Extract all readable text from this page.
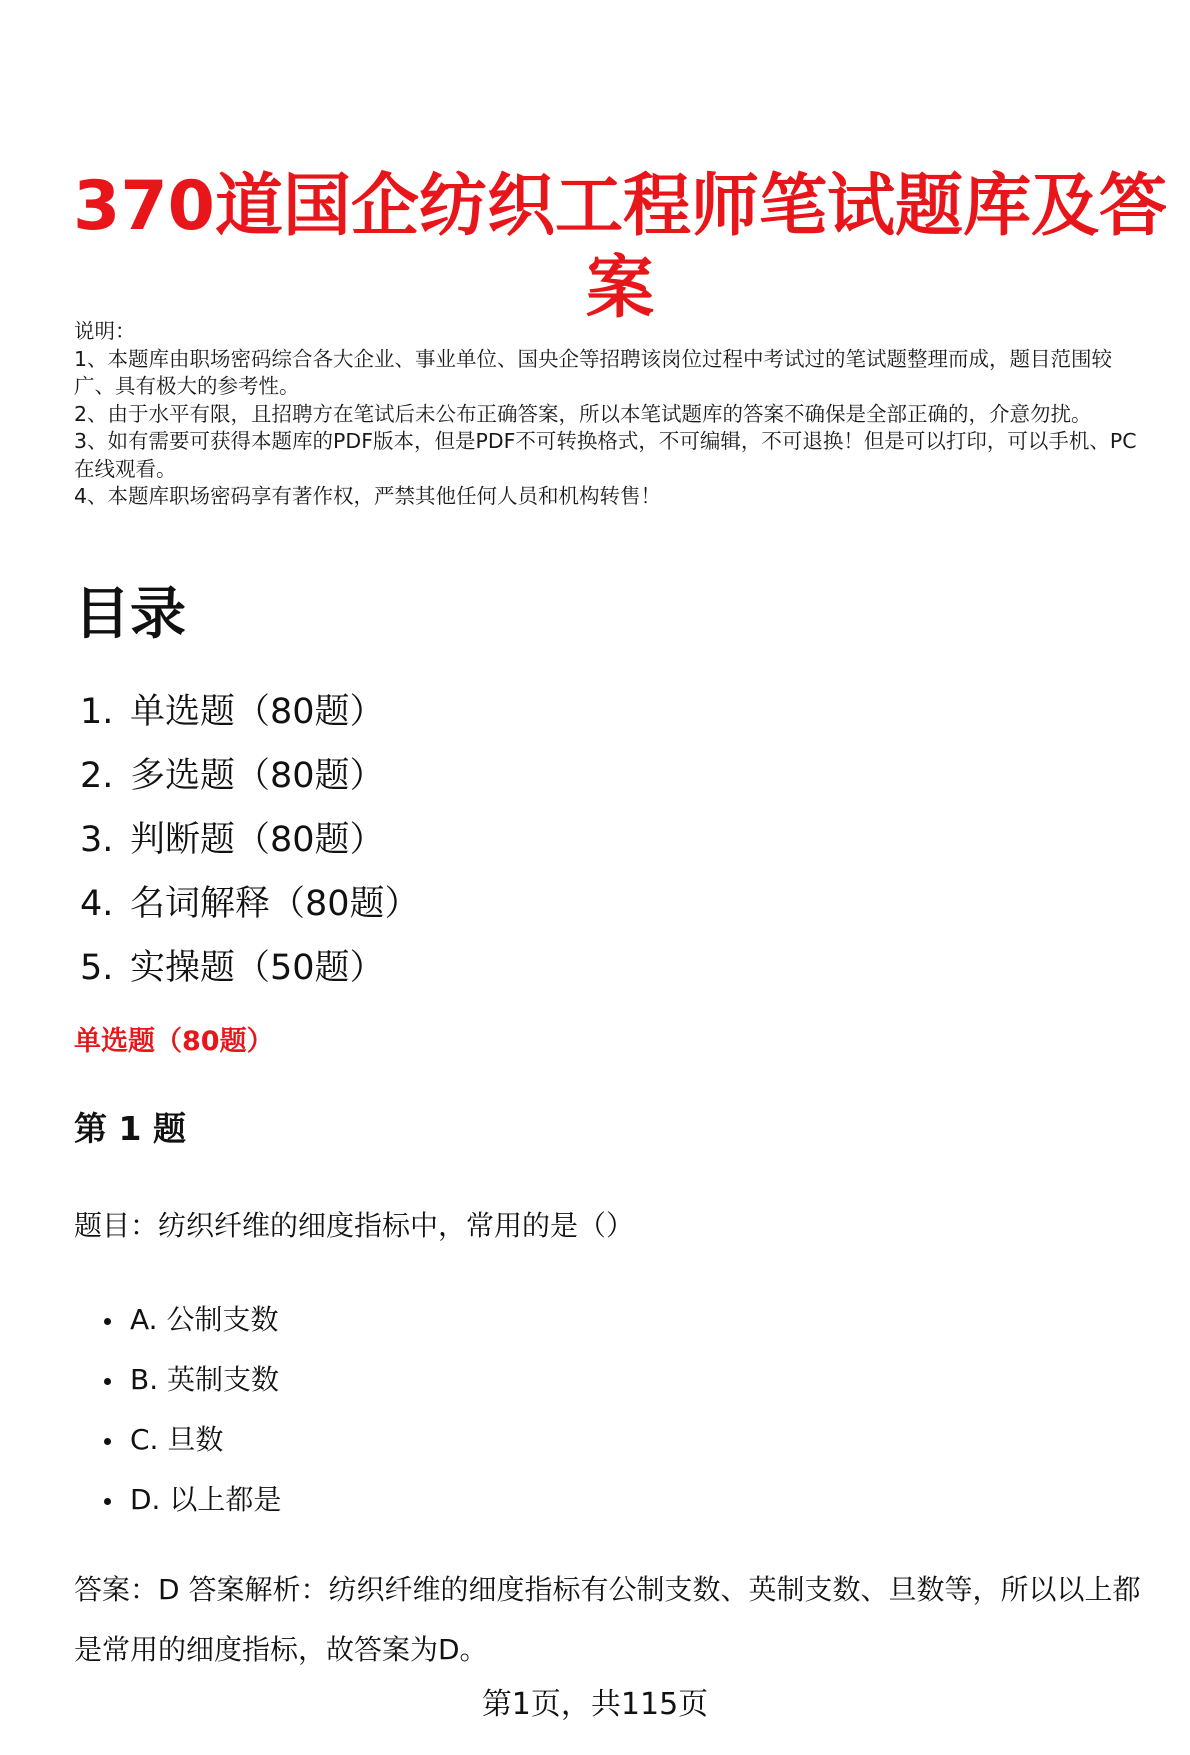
370道国企纺织工程师笔试题库及答案

说明：

1、本题库由职场密码综合各大企业、事业单位、国央企等招聘该岗位过程中考试过的笔试题整理而成，题目范围较广、具有极大的参考性。

2、由于水平有限，且招聘方在笔试后未公布正确答案，所以本笔试题库的答案不确保是全部正确的，介意勿扰。

3、如有需要可获得本题库的PDF版本，但是PDF不可转换格式，不可编辑，不可退换！但是可以打印，可以手机、PC在线观看。

4、本题库职场密码享有著作权，严禁其他任何人员和机构转售！

目录
1. 单选题（80题）
2. 多选题（80题）
3. 判断题（80题）
4. 名词解释（80题）
5. 实操题（50题）
单选题（80题）
第 1 题

题目：纺织纤维的细度指标中，常用的是（）

A. 公制支数
B. 英制支数
C. 旦数
D. 以上都是

答案：D 答案解析：纺织纤维的细度指标有公制支数、英制支数、旦数等，所以以上都是常用的细度指标，故答案为D。

第1页，共115页
